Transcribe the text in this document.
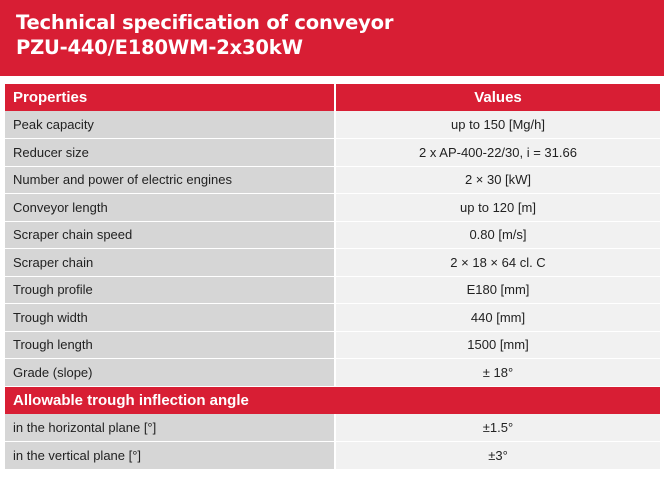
Technical specification of conveyor
PZU-440/E180WM-2x30kW
Properties	Values
Peak capacity	up to 150 [Mg/h]
Reducer size	2 x AP-400-22/30, i = 31.66
Number and power of electric engines	2 × 30 [kW]
Conveyor length	up to 120 [m]
Scraper chain speed	0.80 [m/s]
Scraper chain	2 × 18 × 64 cl. C
Trough profile	E180 [mm]
Trough width	440 [mm]
Trough length	1500 [mm]
Grade (slope)	± 18°
Allowable trough inflection angle	
in the horizontal plane [°]	±1.5°
in the vertical plane [°]	±3°
